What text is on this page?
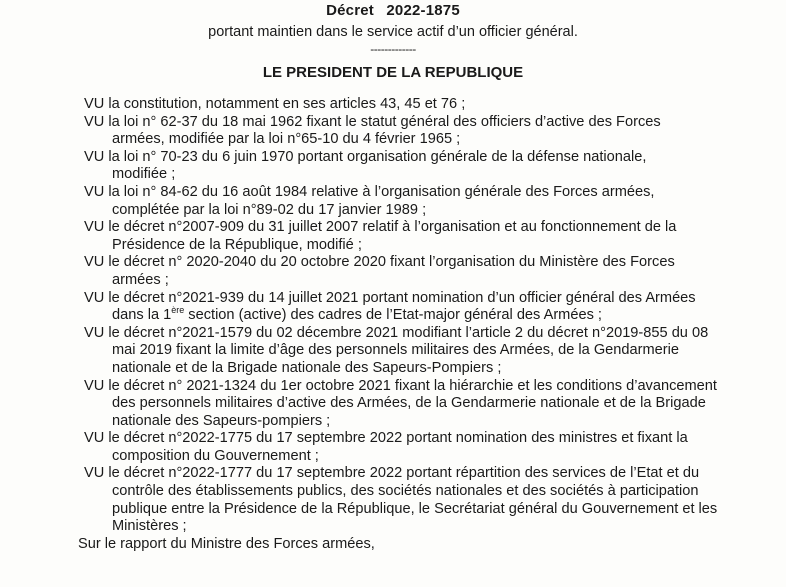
Décret 2022-1875
portant maintien dans le service actif d’un officier général.
-------------
LE PRESIDENT DE LA REPUBLIQUE
VU la constitution, notamment en ses articles 43, 45 et 76 ;
VU la loi n° 62-37 du 18 mai 1962 fixant le statut général des officiers d’active des Forces
armées, modifiée par la loi n°65-10 du 4 février 1965 ;
VU la loi n° 70-23 du 6 juin 1970 portant organisation générale de la défense nationale,
modifiée ;
VU la loi n° 84-62 du 16 août 1984 relative à l’organisation générale des Forces armées,
complétée par la loi n°89-02 du 17 janvier 1989 ;
VU le décret n°2007-909 du 31 juillet 2007 relatif à l’organisation et au fonctionnement de la
Présidence de la République, modifié ;
VU le décret n° 2020-2040 du 20 octobre 2020 fixant l’organisation du Ministère des Forces
armées ;
VU le décret n°2021-939 du 14 juillet 2021 portant nomination d’un officier général des Armées
dans la 1ère section (active) des cadres de l’Etat-major général des Armées ;
VU le décret n°2021-1579 du 02 décembre 2021 modifiant l’article 2 du décret n°2019-855 du 08
mai 2019 fixant la limite d’âge des personnels militaires des Armées, de la Gendarmerie
nationale et de la Brigade nationale des Sapeurs-Pompiers ;
VU le décret n° 2021-1324 du 1er octobre 2021 fixant la hiérarchie et les conditions d’avancement
des personnels militaires d’active des Armées, de la Gendarmerie nationale et de la Brigade
nationale des Sapeurs-pompiers ;
VU le décret n°2022-1775 du 17 septembre 2022 portant nomination des ministres et fixant la
composition du Gouvernement ;
VU le décret n°2022-1777 du 17 septembre 2022 portant répartition des services de l’Etat et du
contrôle des établissements publics, des sociétés nationales et des sociétés à participation
publique entre la Présidence de la République, le Secrétariat général du Gouvernement et les
Ministères ;
Sur le rapport du Ministre des Forces armées,
